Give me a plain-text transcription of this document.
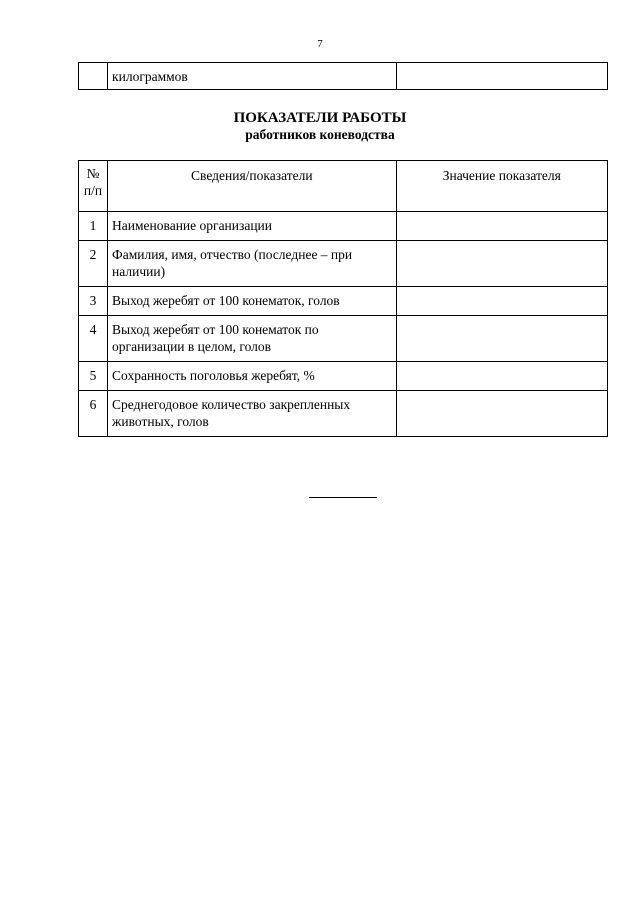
7
	килограммов	
ПОКАЗАТЕЛИ РАБОТЫ
работников коневодства
№
п/п	Сведения/показатели	Значение показателя
1	Наименование организации	
2	Фамилия, имя, отчество (последнее – при наличии)	
3	Выход жеребят от 100 конематок, голов	
4	Выход жеребят от 100 конематок по организации в целом, голов	
5	Сохранность поголовья жеребят, %	
6	Среднегодовое количество закрепленных животных, голов	
